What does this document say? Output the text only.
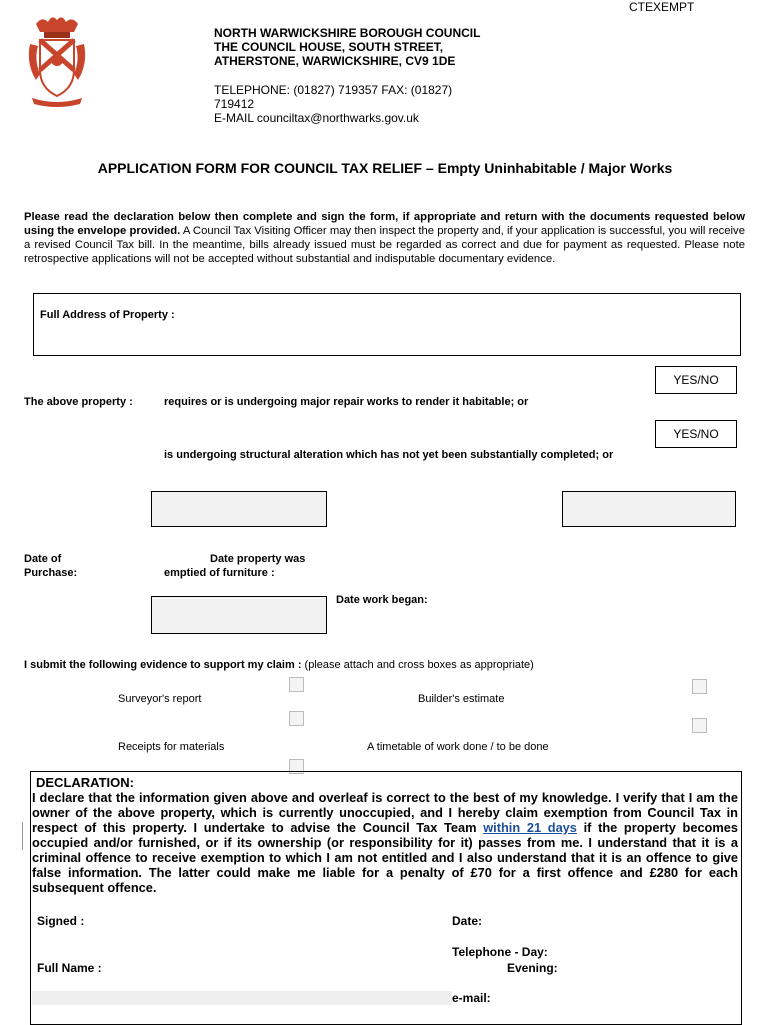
CTEXEMPT
NORTH WARWICKSHIRE BOROUGH COUNCIL
THE COUNCIL HOUSE, SOUTH STREET,
ATHERSTONE, WARWICKSHIRE, CV9 1DE
TELEPHONE: (01827) 719357 FAX: (01827) 719412
E-MAIL counciltax@northwarks.gov.uk
APPLICATION FORM FOR COUNCIL TAX RELIEF – Empty Uninhabitable / Major Works
Please read the declaration below then complete and sign the form, if appropriate and return with the documents requested below using the envelope provided. A Council Tax Visiting Officer may then inspect the property and, if your application is successful, you will receive a revised Council Tax bill. In the meantime, bills already issued must be regarded as correct and due for payment as requested. Please note retrospective applications will not be accepted without substantial and indisputable documentary evidence.
Full Address of Property :
YES/NO
The above property :	requires or is undergoing major repair works to render it habitable; or
YES/NO
is undergoing structural alteration which has not yet been substantially completed; or
Date of
Purchase:
Date property was
emptied of furniture :
Date work began:
I submit the following evidence to support my claim : (please attach and cross boxes as appropriate)
Surveyor's report	Builder's estimate
Receipts for materials	A timetable of work done / to be done
DECLARATION:
I declare that the information given above and overleaf is correct to the best of my knowledge. I verify that I am the owner of the above property, which is currently unoccupied, and I hereby claim exemption from Council Tax in respect of this property. I undertake to advise the Council Tax Team within 21 days if the property becomes occupied and/or furnished, or if its ownership (or responsibility for it) passes from me. I understand that it is a criminal offence to receive exemption to which I am not entitled and I also understand that it is an offence to give false information. The latter could make me liable for a penalty of £70 for a first offence and £280 for each subsequent offence.
Signed :	Date:
Telephone - Day:
Full Name :	Evening:
e-mail:
